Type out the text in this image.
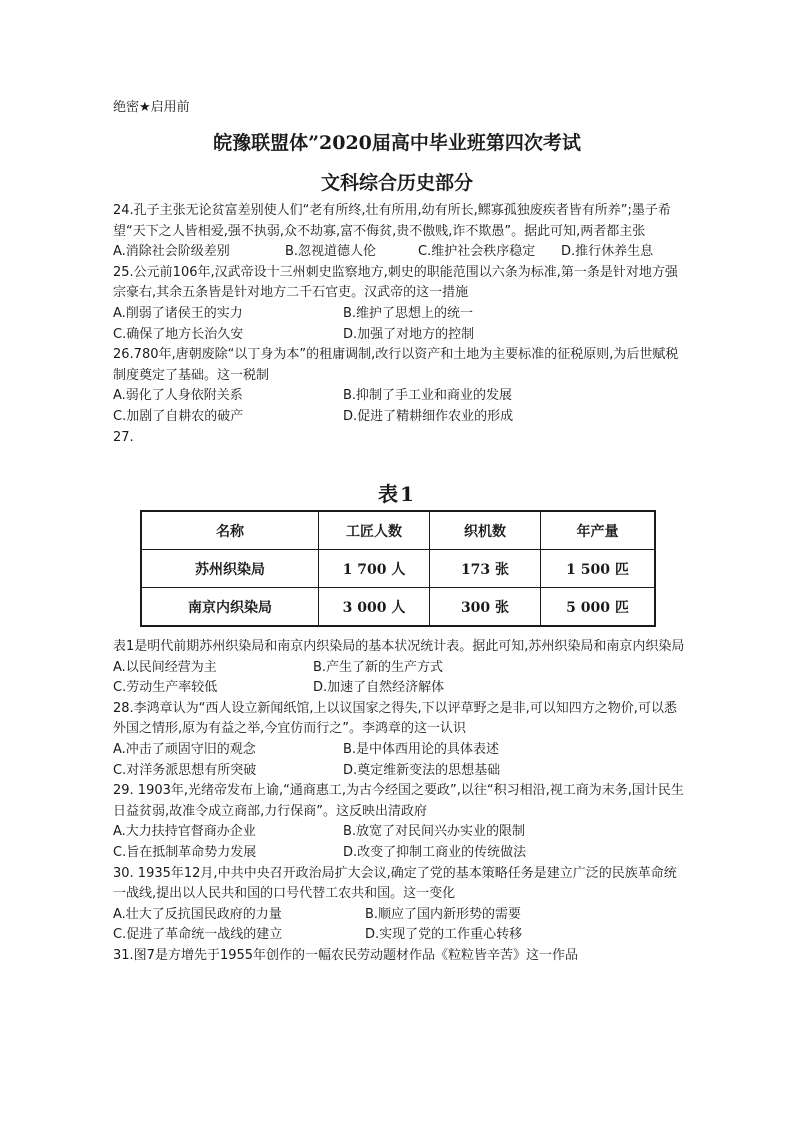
绝密★启用前
皖豫联盟体”2020届高中毕业班第四次考试
文科综合历史部分

24.孔子主张无论贫富差别使人们“老有所终,壮有所用,幼有所长,鳏寡孤独废疾者皆有所养”;墨子希望“天下之人皆相爱,强不执弱,众不劫寡,富不侮贫,贵不傲贱,诈不欺愚”。据此可知,两者都主张

A.消除社会阶级差别	B.忽视道德人伦	C.维护社会秩序稳定	D.推行休养生息

25.公元前106年,汉武帝设十三州刺史监察地方,刺史的职能范围以六条为标准,第一条是针对地方强宗豪右,其余五条皆是针对地方二千石官吏。汉武帝的这一措施

A.削弱了诸侯王的实力	B.维护了思想上的统一
C.确保了地方长治久安	D.加强了对地方的控制

26.780年,唐朝废除“以丁身为本”的租庸调制,改行以资产和土地为主要标准的征税原则,为后世赋税制度奠定了基础。这一税制

A.弱化了人身依附关系	B.抑制了手工业和商业的发展
C.加剧了自耕农的破产	D.促进了精耕细作农业的形成
27.
表1
名称	工匠人数	织机数	年产量
苏州织染局	1 700 人	173 张	1 500 匹
南京内织染局	3 000 人	300 张	5 000 匹

表1是明代前期苏州织染局和南京内织染局的基本状况统计表。据此可知,苏州织染局和南京内织染局

A.以民间经营为主	B.产生了新的生产方式
C.劳动生产率较低	D.加速了自然经济解体

28.李鸿章认为“西人设立新闻纸馆,上以议国家之得失,下以评草野之是非,可以知四方之物价,可以悉外国之情形,原为有益之举,今宜仿而行之”。李鸿章的这一认识

A.冲击了顽固守旧的观念	B.是中体西用论的具体表述
C.对洋务派思想有所突破	D.奠定维新变法的思想基础

29. 1903年,光绪帝发布上谕,“通商惠工,为古今经国之要政”,以往“积习相沿,视工商为末务,国计民生日益贫弱,故准令成立商部,力行保商”。这反映出清政府

A.大力扶持官督商办企业	B.放宽了对民间兴办实业的限制
C.旨在抵制革命势力发展	D.改变了抑制工商业的传统做法

30. 1935年12月,中共中央召开政治局扩大会议,确定了党的基本策略任务是建立广泛的民族革命统一战线,提出以人民共和国的口号代替工农共和国。这一变化

A.壮大了反抗国民政府的力量	B.顺应了国内新形势的需要
C.促进了革命统一战线的建立	D.实现了党的工作重心转移

31.图7是方增先于1955年创作的一幅农民劳动题材作品《粒粒皆辛苦》这一作品
